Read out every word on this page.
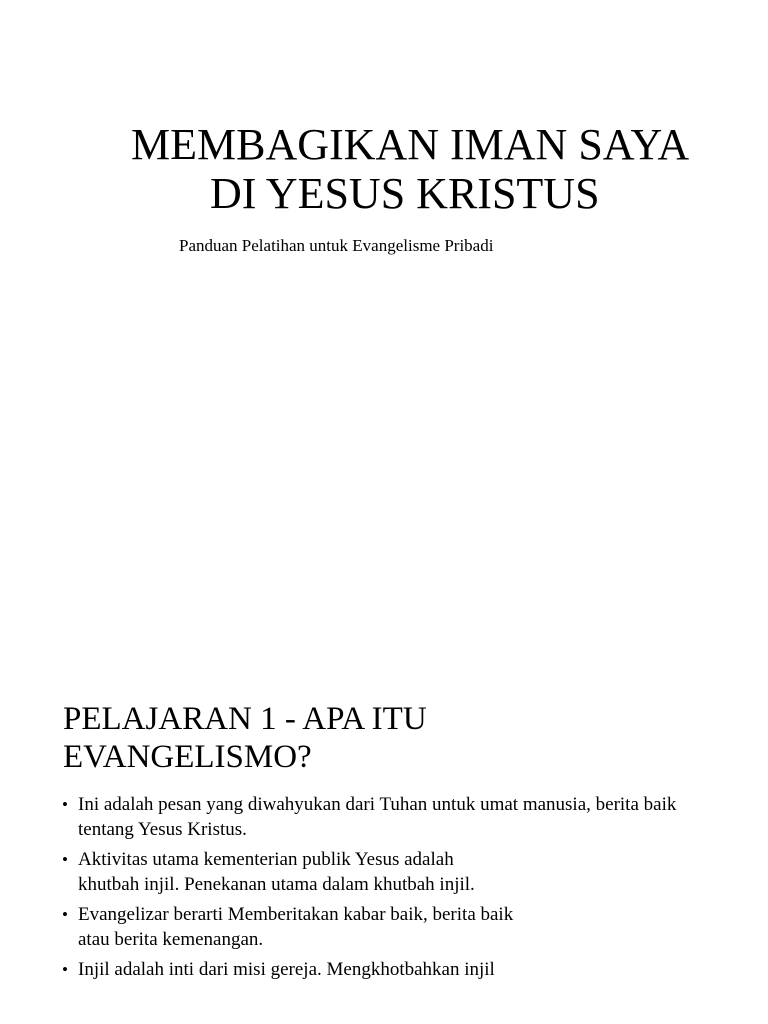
MEMBAGIKAN IMAN SAYA
DI YESUS KRISTUS

Panduan Pelatihan untuk Evangelisme Pribadi

PELAJARAN 1 - APA ITU
EVANGELISMO?
• Ini adalah pesan yang diwahyukan dari Tuhan untuk umat manusia, berita baik tentang Yesus Kristus.
• Aktivitas utama kementerian publik Yesus adalah khutbah injil. Penekanan utama dalam khutbah injil.
• Evangelizar berarti Memberitakan kabar baik, berita baik atau berita kemenangan.
• Injil adalah inti dari misi gereja. Mengkhotbahkan injil
